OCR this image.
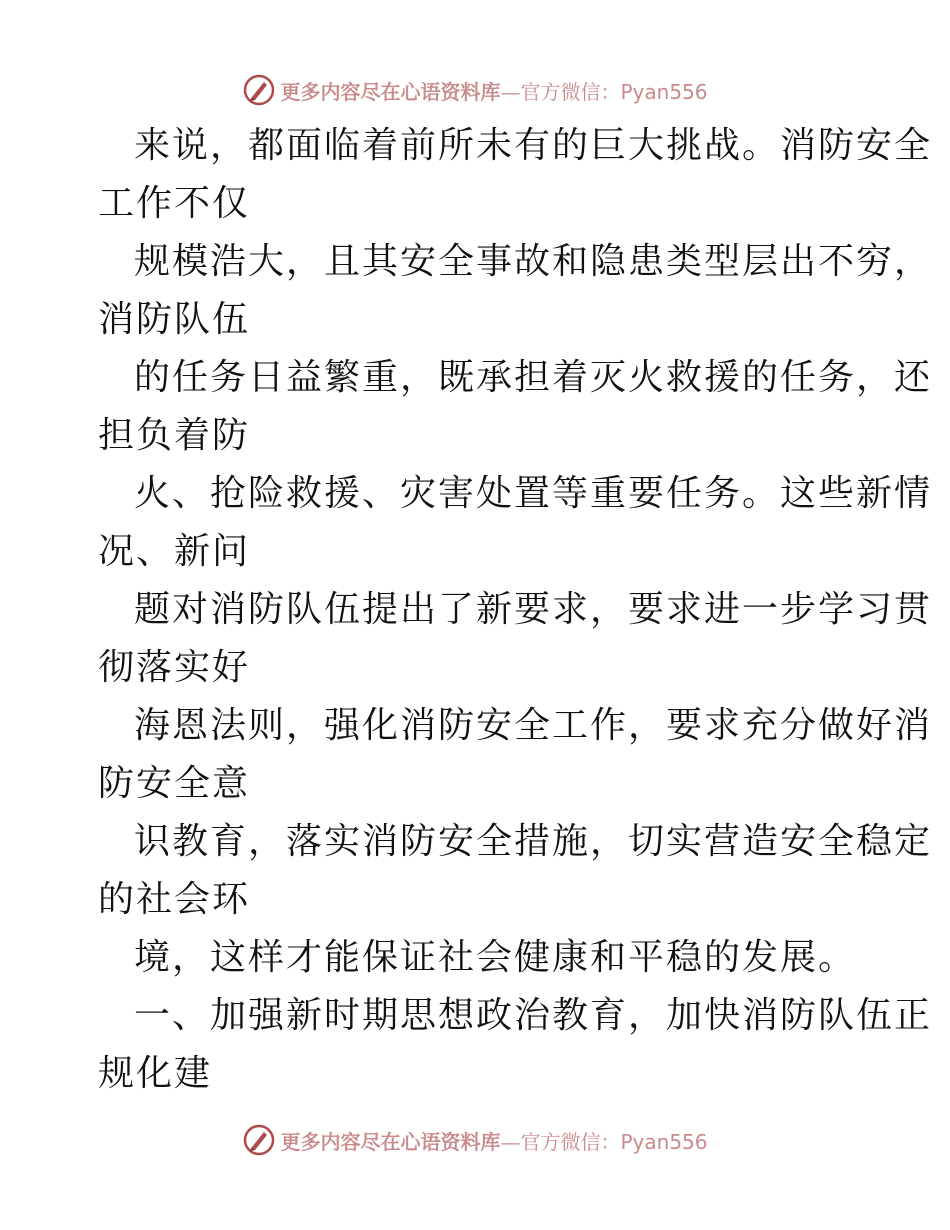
更多内容尽在心语资料库—官方微信：Pyan556
来说，都面临着前所未有的巨大挑战。消防安全
工作不仅
规模浩大，且其安全事故和隐患类型层出不穷，
消防队伍
的任务日益繁重，既承担着灭火救援的任务，还
担负着防
火、抢险救援、灾害处置等重要任务。这些新情
况、新问
题对消防队伍提出了新要求，要求进一步学习贯
彻落实好
海恩法则，强化消防安全工作，要求充分做好消
防安全意
识教育，落实消防安全措施，切实营造安全稳定
的社会环
境，这样才能保证社会健康和平稳的发展。
一、加强新时期思想政治教育，加快消防队伍正
规化建
更多内容尽在心语资料库—官方微信：Pyan556
